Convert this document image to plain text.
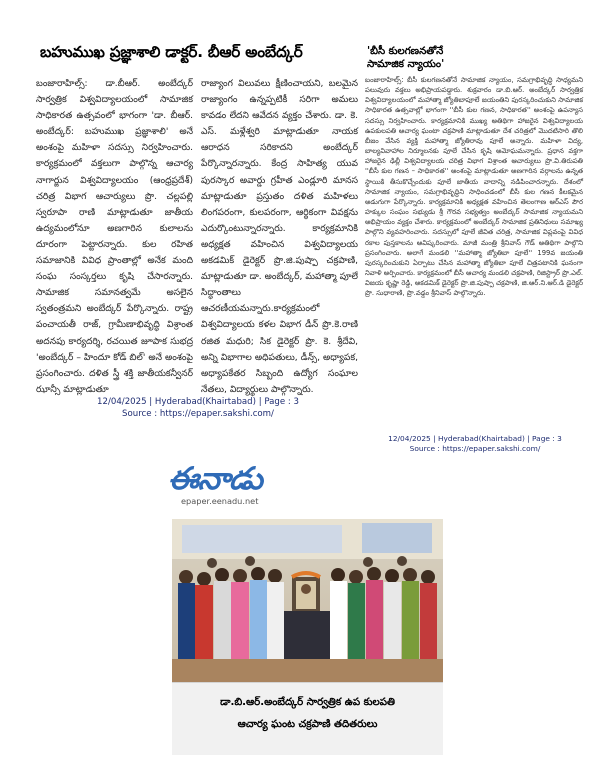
బహుముఖ ప్రజ్ఞాశాలి డాక్టర్. బీఆర్ అంబేద్కర్

బంజారాహిల్స్: డా.బీఆర్. అంబేద్కర్ సార్వత్రిక విశ్వవిద్యాలయంలో సామాజిక సాధికారత ఉత్సవంలో భాగంగా 'డా. బీఆర్. అంబేద్కర్: బహుముఖ ప్రజ్ఞాశాలి' అనే అంశంపై మహిళా సదస్సు నిర్వహించారు. కార్యక్రమంలో వక్తలుగా పాల్గొన్న ఆచార్య నాగార్జున విశ్వవిద్యాలయం (ఆంధ్రప్రదేశ్) చరిత్ర విభాగ ఆచార్యులు ప్రొ. చల్లపల్లి స్వరూపా రాణి మాట్లాడుతూ జాతీయ ఉద్యమంలోనూ అణగారిన కులాలను దూరంగా పెట్టారన్నారు. కుల రహిత సమాజానికి వివిధ ప్రాంతాల్లో అనేక మంది సంఘ సంస్కర్తలు కృషి చేసారన్నారు. సామాజిక సమానత్వమే అసలైన స్వతంత్రమని అంబేద్కర్ పేర్కొన్నారు. రాష్ట్ర పంచాయతీ రాజ్, గ్రామీణాభివృద్ధి విశ్రాంత అదనపు కార్యదర్శి, రచయిత జూపాక సుభద్ర 'అంబేద్కర్ – హిందూ కోడ్ బిల్' అనే అంశంపై ప్రసంగించారు. దళిత స్త్రీ శక్తి జాతీయకన్వీనర్ ఝాన్సీ మాట్లాడుతూ

రాజ్యాంగ విలువలు క్షీణించాయని, బలమైన రాజ్యాంగం ఉన్నప్పటికీ సరిగా అమలు కావడం లేదని ఆవేదన వ్యక్తం చేశారు. డా. కె. ఎస్. మళ్లేశ్వరి మాట్లాడుతూ నాయక ఆరాధన సరికాదని అంబేద్కర్ పేర్కొన్నారన్నారు. కేంద్ర సాహిత్య యువ పురస్కార అవార్డు గ్రహీత ఎండ్లూరి మానస మాట్లాడుతూ ప్రస్తుతం దళిత మహిళలు లింగపరంగా, కులపరంగా, ఆర్థికంగా వివక్షను ఎదుర్కొంటున్నారన్నారు. కార్యక్రమానికి అధ్యక్షత వహించిన విశ్వవిద్యాలయ అకడమిక్ డైరెక్టర్ ప్రొ.జి.పుష్పా చక్రపాణి, మాట్లాడుతూ డా. అంబేద్కర్, మహాత్మా పూలే సిద్ధాంతాలు ఆచరణీయమన్నారు.కార్యక్రమంలో విశ్వవిద్యాలయ కళల విభాగ డీన్ ప్రొ.కె.రాణి రజిత మధురి; సిక డైరెక్టర్ ప్రొ. కె. శ్రీదేవి, అన్ని విభాగాల అధిపతులు, డీన్స్, అధ్యాపక, అధ్యాపకేతర సిబ్బంది ఉద్యోగ సంఘాల నేతలు, విద్యార్థులు పాల్గొన్నారు.

12/04/2025 | Hyderabad(Khairtabad) | Page : 3
Source : https://epaper.sakshi.com/
'బీసీ కులగణనతోనే
సామాజిక న్యాయం'

బంజారాహిల్స్: బీసీ కులగణనతోనే సామాజిక న్యాయం, సమగ్రాభివృద్ధి సాధ్యమని పలువురు వక్తలు అభిప్రాయపడ్డారు. శుక్రవారం డా.బి.ఆర్. అంబేద్కర్ సార్వత్రిక విశ్వవిద్యాలయంలో మహాత్మా జ్యోతిబాపూలే జయంతిని పురస్కరించుకుని సామాజిక సాధికారత ఉత్సవాల్లో భాగంగా ''బీసీ కుల గణన, సాధికారత'' అంశంపై ఉపన్యాస సదస్సు నిర్వహించారు. కార్యక్రమానికి ముఖ్య అతిథిగా హాజరైన విశ్వవిద్యాలయ ఉపకులపతి ఆచార్య ఘంటా చక్రపాణి మాట్లాడుతూ దేశ చరిత్రలో మొదటిసారి తొలి బీజం వేసిన వ్యక్తి మహాత్మా జ్యోతిరావు పూలే అన్నారు. మహిళా విద్య, బాల్యవివాహాల నిర్మూలనకు పూలే చేసిన కృషి అమోఘమన్నారు. ప్రధాన వక్తగా హాజరైన ఢిల్లీ విశ్వవిద్యాలయ చరిత్ర విభాగ విశ్రాంత ఆచార్యులు ప్రొ.వి.తిరుపతి ''బీసీ కుల గణన – సాధికారత'' అంశంపై మాట్లాడుతూ అణగారిన వర్గాలను ఉన్నత స్థాయికి తీసుకొచ్చేందుకు పూలే జాతీయ వాదాన్ని నడిపించారన్నారు. దేశంలో సామాజిక న్యాయం, సమగ్రాభివృద్ధిని సాధించడంలో బీసీ కుల గణన కీలకమైన అడుగుగా పేర్కొన్నారు. కార్యక్రమానికి అధ్యక్షత వహించిన తెలంగాణ ఆర్‌ఎస్‌ పౌర హక్కుల సంఘం సభ్యుడు శ్రీ గౌరవ సభ్యత్వం అంబేద్కర్ సామాజిక న్యాయమని అభిప్రాయం వ్యక్తం చేశారు. కార్యక్రమంలో అంబేద్కర్ సామాజిక ప్రతినిధులు సమాఖ్య పాల్గొని వ్యవహరించారు. సదస్సులో పూలే జీవిత చరిత్ర, సామాజిక విప్లవంపై వివిధ రకాల పుస్తకాలను ఆవిష్కరించారు. మాజీ మంత్రి శ్రీనివాస్ గౌడ్ అతిథిగా పాల్గొని ప్రసంగించారు. అలాగే మండలి ''మహాత్మా జ్యోతిబా పూలే'' 199వ జయంతి పురస్కరించుకుని ఏర్పాటు చేసిన మహాత్మా జ్యోతిబా పూలే చిత్రపటానికి ఘనంగా నివాళి అర్పించారు. కార్యక్రమంలో బీసీ ఆచార్య మండలి చక్రపాణి, రిజిస్ట్రార్ ప్రొ.ఎల్. విజయ కృష్ణా రెడ్డి, అకడమిక్ డైరెక్టర్ ప్రొ.జి.పుష్పా చక్రపాణి, జి.ఆర్.ని.ఆర్.డి డైరెక్టర్ ప్రొ. సుధారాణి, ప్రొ.వడ్డం శ్రీనివాస్ పాల్గొన్నారు.

12/04/2025 | Hyderabad(Khairtabad) | Page : 3
Source : https://epaper.sakshi.com/
ఈనాడు
epaper.eenadu.net
డా.బి.ఆర్.అంబేద్కర్ సార్వత్రిక ఉప కులపతి
ఆచార్య ఘంట చక్రపాణి తదితరులు
